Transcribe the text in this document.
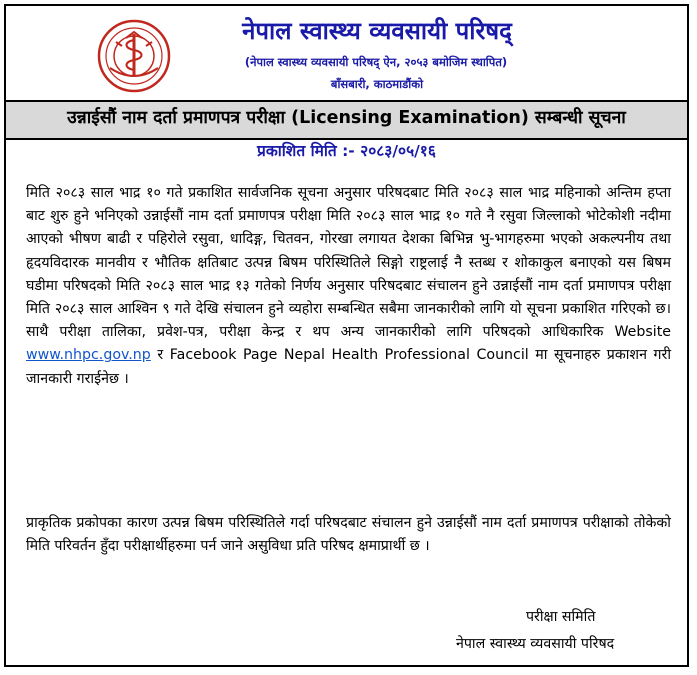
नेपाल स्वास्थ्य व्यवसायी परिषद्
(नेपाल स्वास्थ्य व्यवसायी परिषद् ऐन, २०५३ बमोजिम स्थापित)
बाँसबारी, काठमाडौंको
उन्नाईसौं नाम दर्ता प्रमाणपत्र परीक्षा (Licensing Examination) सम्बन्धी सूचना
प्रकाशित मिति :- २०८३/०५/१६

मिति २०८३ साल भाद्र १० गते प्रकाशित सार्वजनिक सूचना अनुसार परिषदबाट मिति २०८३ साल भाद्र महिनाको अन्तिम हप्ता बाट शुरु हुने भनिएको उन्नाईसौं नाम दर्ता प्रमाणपत्र परीक्षा मिति २०८३ साल भाद्र १० गते नै रसुवा जिल्लाको भोटेकोशी नदीमा आएको भीषण बाढी र पहिरोले रसुवा, धादिङ्ग, चितवन, गोरखा लगायत देशका बिभिन्न भु-भागहरुमा भएको अकल्पनीय तथा हृदयविदारक मानवीय र भौतिक क्षतिबाट उत्पन्न बिषम परिस्थितिले सिङ्गो राष्ट्रलाई नै स्तब्ध र शोकाकुल बनाएको यस बिषम घडीमा परिषदको मिति २०८३ साल भाद्र १३ गतेको निर्णय अनुसार परिषदबाट संचालन हुने उन्नाईसौं नाम दर्ता प्रमाणपत्र परीक्षा मिति २०८३ साल आश्विन ९ गते देखि संचालन हुने व्यहोरा सम्बन्धित सबैमा जानकारीको लागि यो सूचना प्रकाशित गरिएको छ। साथै परीक्षा तालिका, प्रवेश-पत्र, परीक्षा केन्द्र र थप अन्य जानकारीको लागि परिषदको आधिकारिक Website www.nhpc.gov.np र Facebook Page Nepal Health Professional Council मा सूचनाहरु प्रकाशन गरी जानकारी गराईनेछ ।

प्राकृतिक प्रकोपका कारण उत्पन्न बिषम परिस्थितिले गर्दा परिषदबाट संचालन हुने उन्नाईसौं नाम दर्ता प्रमाणपत्र परीक्षाको तोकेको मिति परिवर्तन हुँदा परीक्षार्थीहरुमा पर्न जाने असुविधा प्रति परिषद क्षमाप्रार्थी छ ।

परीक्षा समिति
नेपाल स्वास्थ्य व्यवसायी परिषद
